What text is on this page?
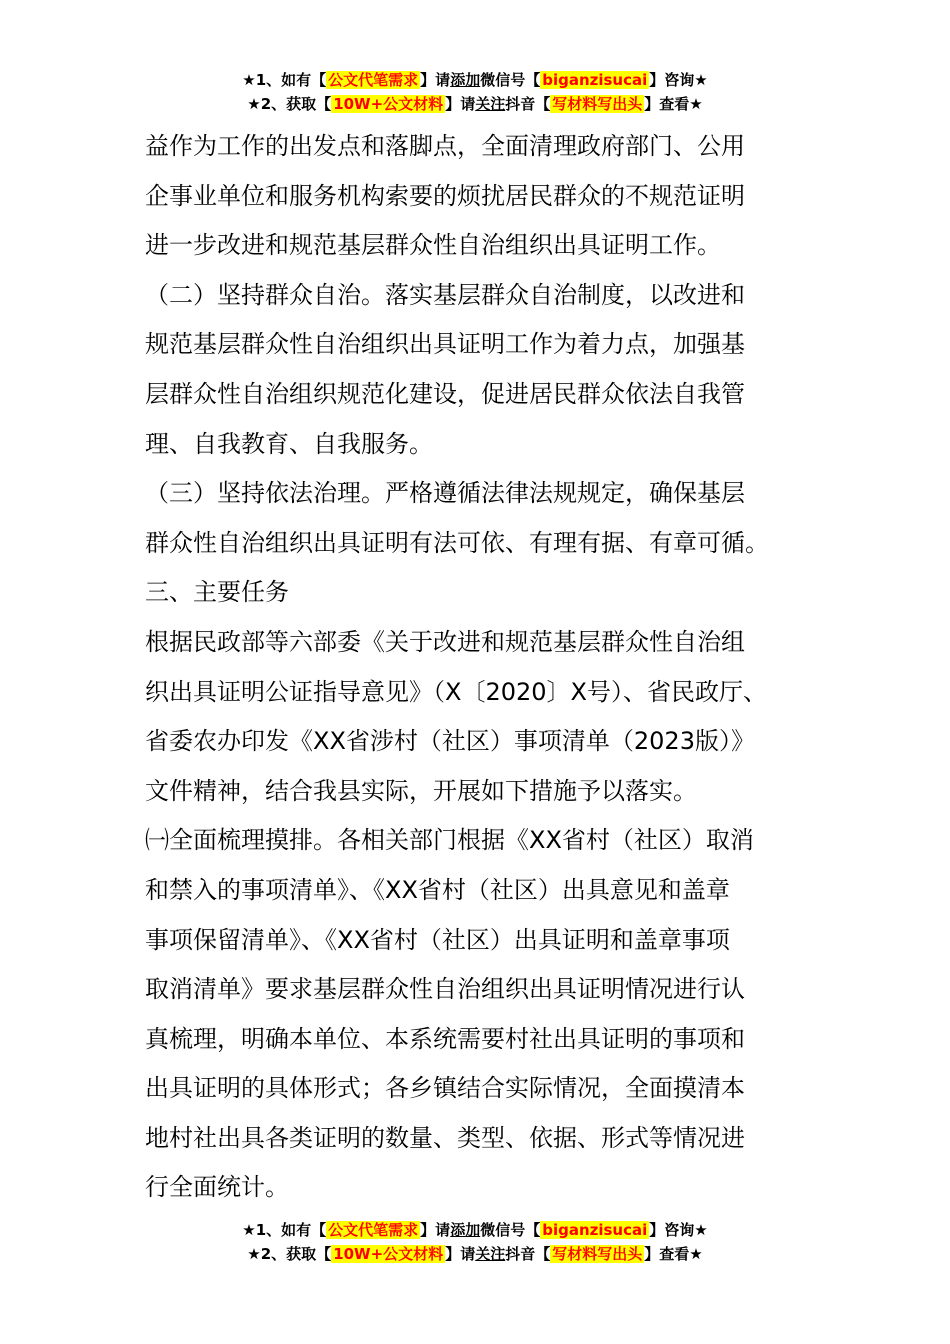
★1、如有【 公文代笔需求 】请添加微信号【 biganzisucai 】咨询★
★2、获取【 10W+公文材料 】请关注抖音【 写材料写出头 】查看★
益作为工作的出发点和落脚点，全面清理政府部门、公用
企事业单位和服务机构索要的烦扰居民群众的不规范证明
进一步改进和规范基层群众性自治组织出具证明工作。
（二）坚持群众自治。落实基层群众自治制度，以改进和
规范基层群众性自治组织出具证明工作为着力点，加强基
层群众性自治组织规范化建设，促进居民群众依法自我管
理、自我教育、自我服务。
（三）坚持依法治理。严格遵循法律法规规定，确保基层
群众性自治组织出具证明有法可依、有理有据、有章可循。
三、主要任务
根据民政部等六部委《关于改进和规范基层群众性自治组
织出具证明公证指导意见》（X〔2020〕X号）、省民政厅、
省委农办印发《XX省涉村（社区）事项清单（2023版）》
文件精神，结合我县实际，开展如下措施予以落实。
㈠全面梳理摸排。各相关部门根据《XX省村（社区）取消
和禁入的事项清单》、《XX省村（社区）出具意见和盖章
事项保留清单》、《XX省村（社区）出具证明和盖章事项
取消清单》要求基层群众性自治组织出具证明情况进行认
真梳理，明确本单位、本系统需要村社出具证明的事项和
出具证明的具体形式；各乡镇结合实际情况，全面摸清本
地村社出具各类证明的数量、类型、依据、形式等情况进
行全面统计。
★1、如有【 公文代笔需求 】请添加微信号【 biganzisucai 】咨询★
★2、获取【 10W+公文材料 】请关注抖音【 写材料写出头 】查看★
